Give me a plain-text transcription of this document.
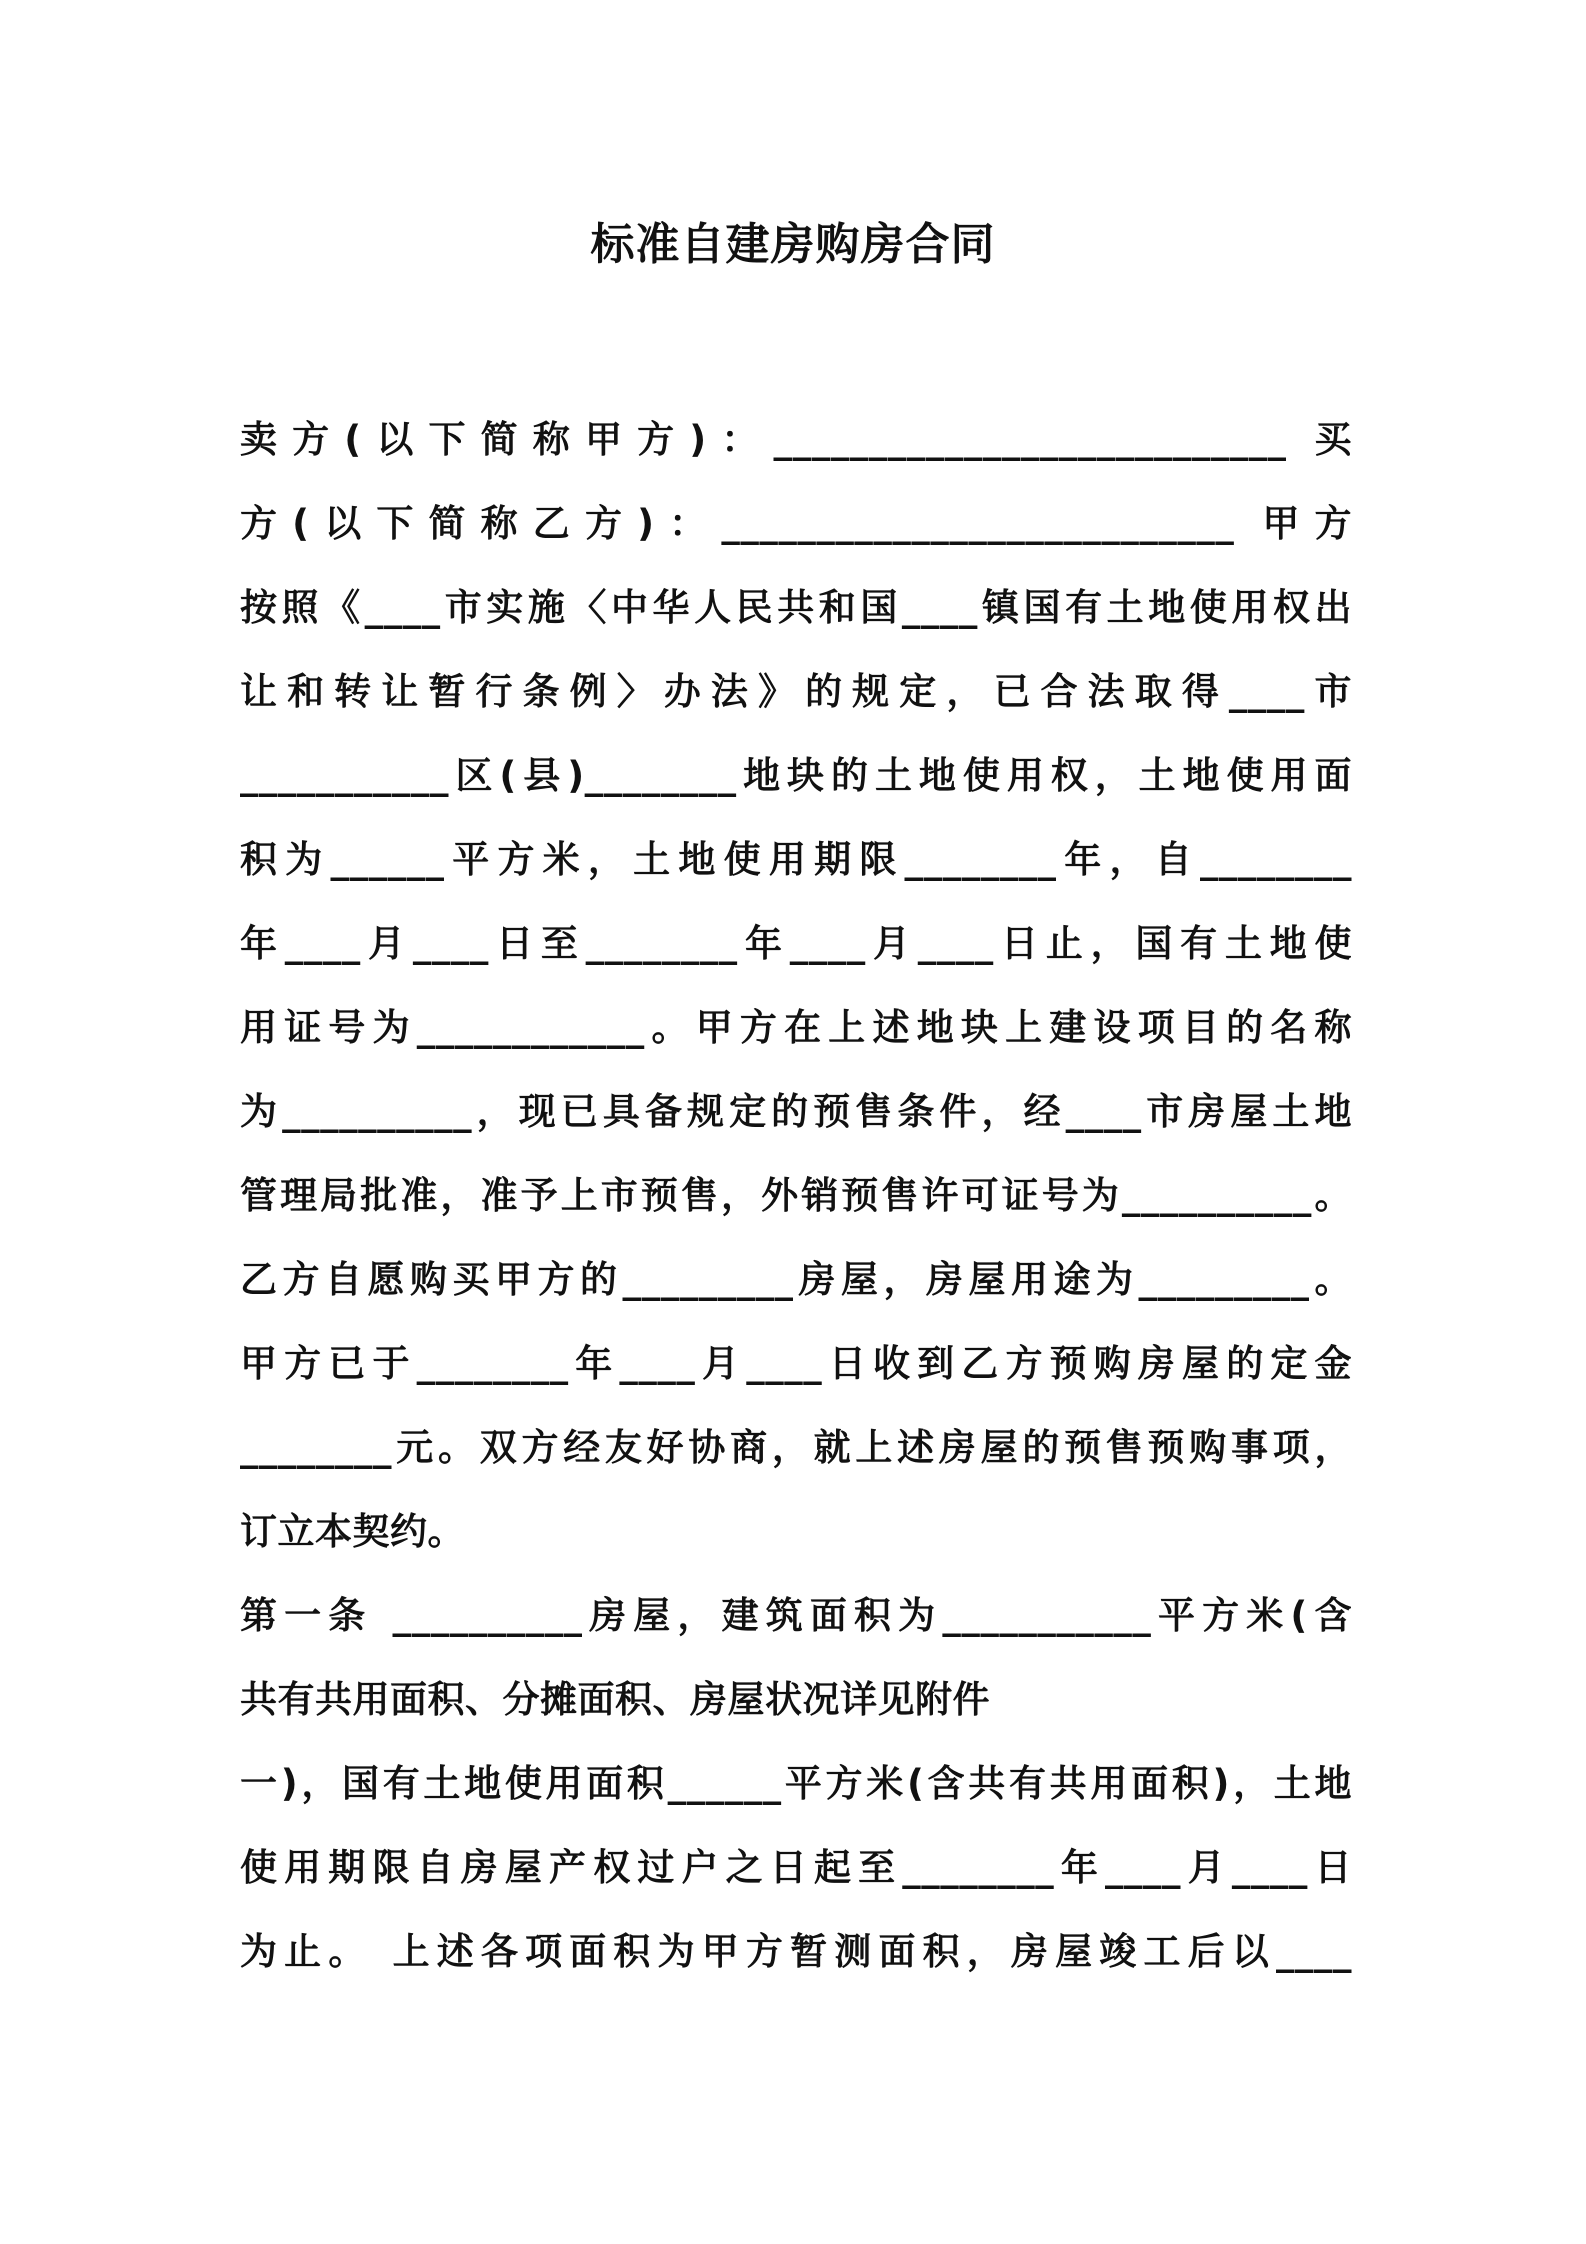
标准自建房购房合同
卖方(以下简称甲方)：___________________________ 买
方(以下简称乙方)：___________________________ 甲方
按照《____市实施〈中华人民共和国____镇国有土地使用权出
让和转让暂行条例〉办法》的规定，已合法取得____市
___________区(县)________地块的土地使用权，土地使用面
积为______平方米，土地使用期限________年，自________
年____月____日至________年____月____日止，国有土地使
用证号为____________。甲方在上述地块上建设项目的名称
为__________，现已具备规定的预售条件，经____市房屋土地
管理局批准，准予上市预售，外销预售许可证号为__________。
乙方自愿购买甲方的_________房屋，房屋用途为_________。
甲方已于________年____月____日收到乙方预购房屋的定金
________元。双方经友好协商，就上述房屋的预售预购事项，
订立本契约。
第一条 __________房屋，建筑面积为___________平方米(含
共有共用面积、分摊面积、房屋状况详见附件
一)，国有土地使用面积______平方米(含共有共用面积)，土地
使用期限自房屋产权过户之日起至________年____月____日
为止。 上述各项面积为甲方暂测面积，房屋竣工后以____
